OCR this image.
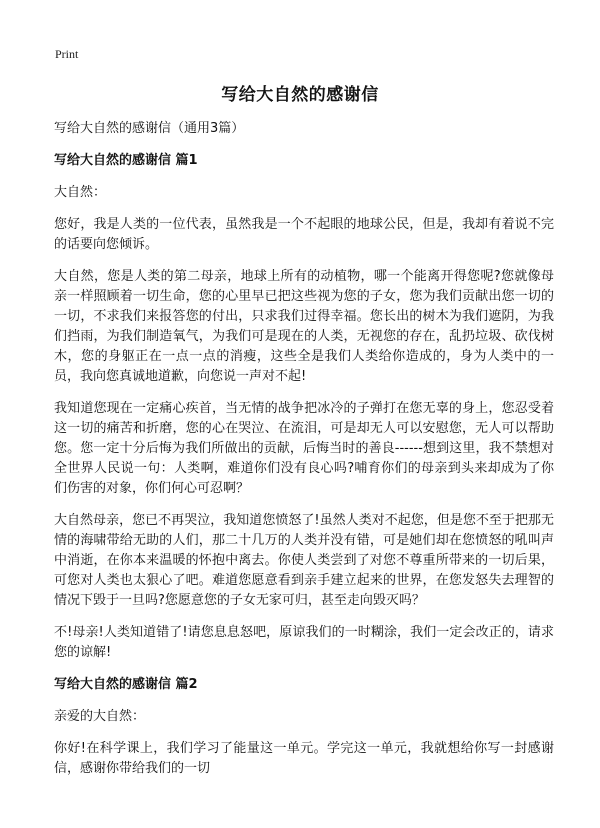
Print
写给大自然的感谢信

写给大自然的感谢信（通用3篇）

写给大自然的感谢信 篇1

大自然：

您好，我是人类的一位代表，虽然我是一个不起眼的地球公民，但是，我却有着说不完的话要向您倾诉。

大自然，您是人类的第二母亲，地球上所有的动植物，哪一个能离开得您呢?您就像母亲一样照顾着一切生命，您的心里早已把这些视为您的子女，您为我们贡献出您一切的一切，不求我们来报答您的付出，只求我们过得幸福。您长出的树木为我们遮阴，为我们挡雨，为我们制造氧气，为我们可是现在的人类，无视您的存在，乱扔垃圾、砍伐树木，您的身躯正在一点一点的消瘦，这些全是我们人类给你造成的，身为人类中的一员，我向您真诚地道歉，向您说一声对不起!

我知道您现在一定痛心疾首，当无情的战争把冰冷的子弹打在您无辜的身上，您忍受着这一切的痛苦和折磨，您的心在哭泣、在流泪，可是却无人可以安慰您，无人可以帮助您。您一定十分后悔为我们所做出的贡献，后悔当时的善良------想到这里，我不禁想对全世界人民说一句：人类啊，难道你们没有良心吗?哺育你们的母亲到头来却成为了你们伤害的对象，你们何心可忍啊？

大自然母亲，您已不再哭泣，我知道您愤怒了!虽然人类对不起您，但是您不至于把那无情的海啸带给无助的人们，那二十几万的人类并没有错，可是她们却在您愤怒的吼叫声中消逝，在你本来温暖的怀抱中离去。你使人类尝到了对您不尊重所带来的一切后果，可您对人类也太狠心了吧。难道您愿意看到亲手建立起来的世界，在您发怒失去理智的情况下毁于一旦吗?您愿意您的子女无家可归，甚至走向毁灭吗？

不!母亲!人类知道错了!请您息息怒吧，原谅我们的一时糊涂，我们一定会改正的，请求您的谅解!

写给大自然的感谢信 篇2

亲爱的大自然：

你好!在科学课上，我们学习了能量这一单元。学完这一单元，我就想给你写一封感谢信，感谢你带给我们的一切
